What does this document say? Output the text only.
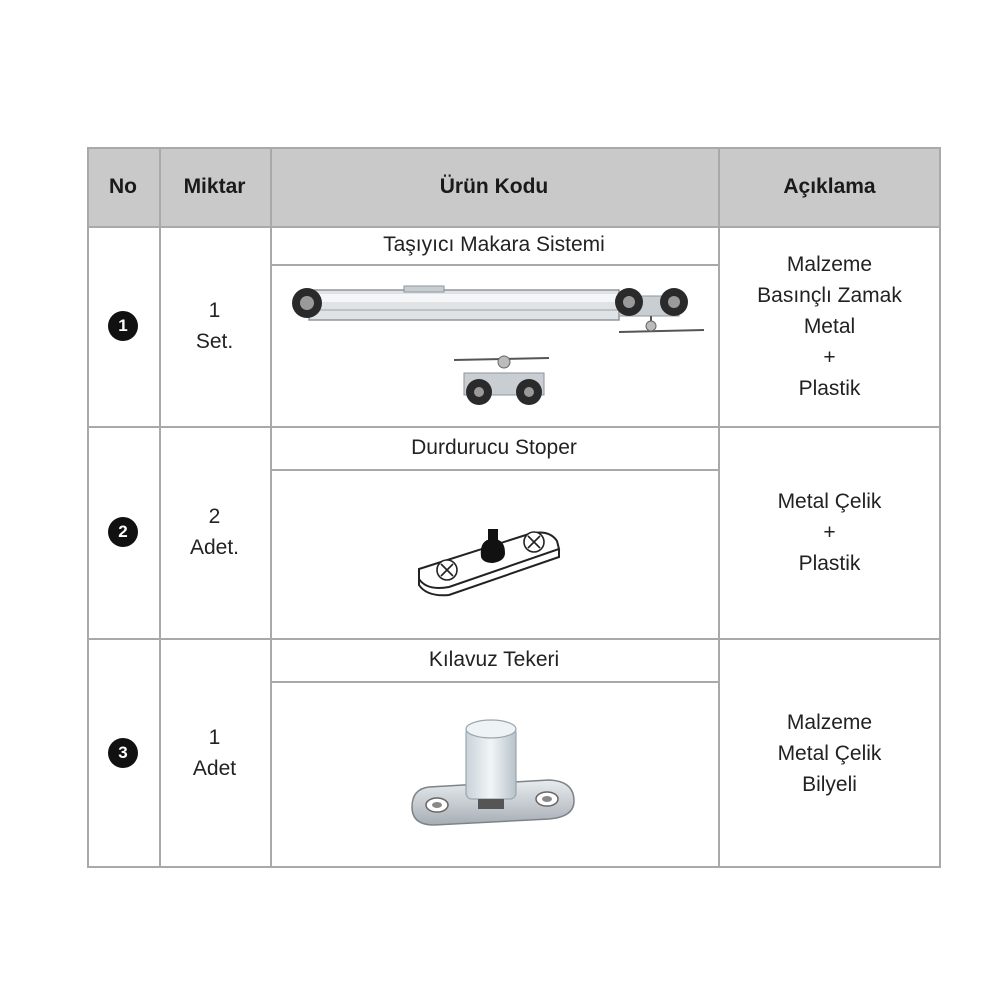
No Miktar	Ürün Kodu	Açıklama
1
1
Set.
Taşıyıcı Makara Sistemi
Malzeme
Basınçlı Zamak
Metal
+
Plastik
2
2
Adet.
Durdurucu Stoper
Metal Çelik
+
Plastik
3
1
Adet
Kılavuz Tekeri
Malzeme
Metal Çelik
Bilyeli
